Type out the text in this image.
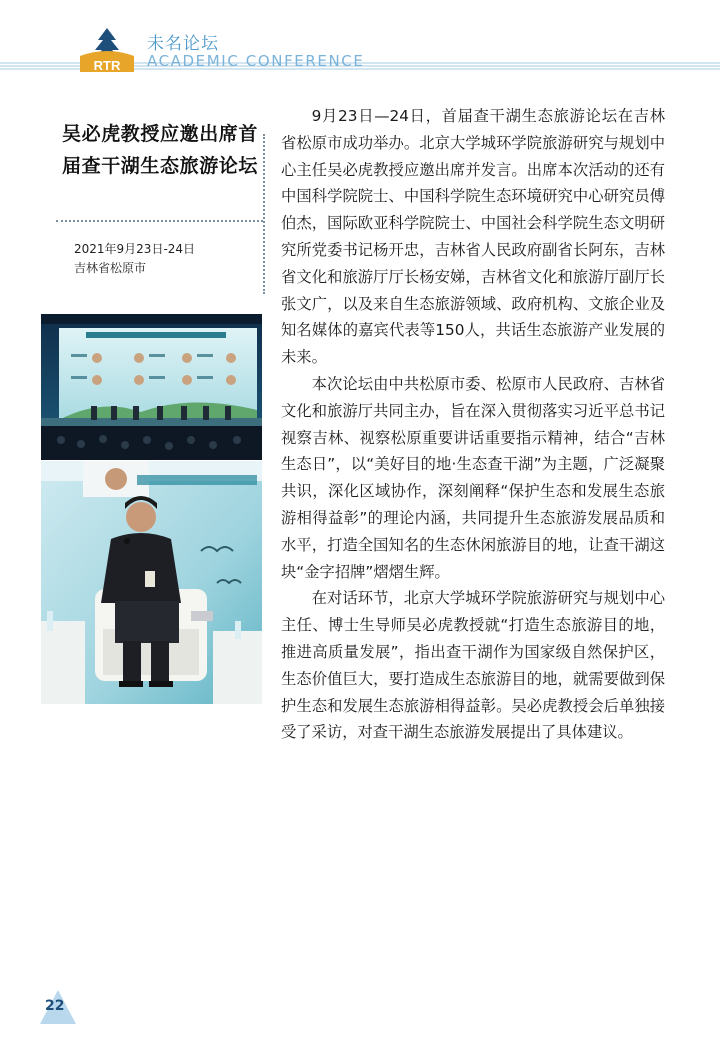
RTR
未名论坛
ACADEMIC CONFERENCE
吴必虎教授应邀出席首届查干湖生态旅游论坛
2021年9月23日-24日
吉林省松原市

9月23日—24日，首届查干湖生态旅游论坛在吉林省松原市成功举办。北京大学城环学院旅游研究与规划中心主任吴必虎教授应邀出席并发言。出席本次活动的还有中国科学院院士、中国科学院生态环境研究中心研究员傅伯杰，国际欧亚科学院院士、中国社会科学院生态文明研究所党委书记杨开忠，吉林省人民政府副省长阿东，吉林省文化和旅游厅厅长杨安娣，吉林省文化和旅游厅副厅长张文广，以及来自生态旅游领域、政府机构、文旅企业及知名媒体的嘉宾代表等150人，共话生态旅游产业发展的未来。

本次论坛由中共松原市委、松原市人民政府、吉林省文化和旅游厅共同主办，旨在深入贯彻落实习近平总书记视察吉林、视察松原重要讲话重要指示精神，结合“吉林生态日”，以“美好目的地·生态查干湖”为主题，广泛凝聚共识，深化区域协作，深刻阐释“保护生态和发展生态旅游相得益彰”的理论内涵，共同提升生态旅游发展品质和水平，打造全国知名的生态休闲旅游目的地，让查干湖这块“金字招牌”熠熠生辉。

在对话环节，北京大学城环学院旅游研究与规划中心主任、博士生导师吴必虎教授就“打造生态旅游目的地，推进高质量发展”，指出查干湖作为国家级自然保护区，生态价值巨大，要打造成生态旅游目的地，就需要做到保护生态和发展生态旅游相得益彰。吴必虎教授会后单独接受了采访，对查干湖生态旅游发展提出了具体建议。

22
